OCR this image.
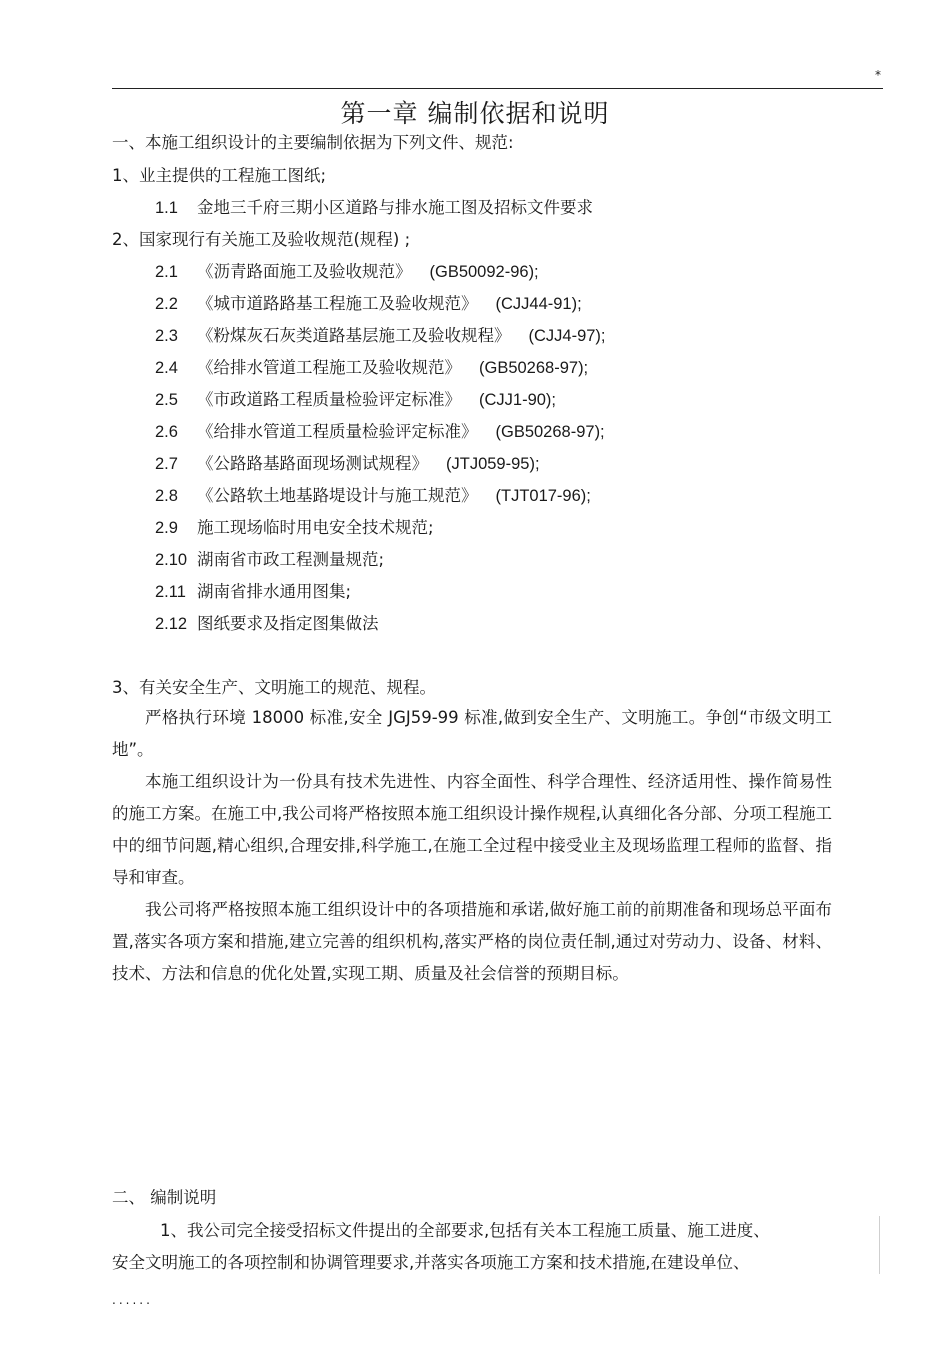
*
第一章 编制依据和说明
一、本施工组织设计的主要编制依据为下列文件、规范:
1、业主提供的工程施工图纸;
1.1 金地三千府三期小区道路与排水施工图及招标文件要求
2、国家现行有关施工及验收规范(规程) ;
2.1 《沥青路面施工及验收规范》 (GB50092-96);
2.2 《城市道路路基工程施工及验收规范》 (CJJ44-91);
2.3 《粉煤灰石灰类道路基层施工及验收规程》 (CJJ4-97);
2.4 《给排水管道工程施工及验收规范》 (GB50268-97);
2.5 《市政道路工程质量检验评定标准》 (CJJ1-90);
2.6 《给排水管道工程质量检验评定标准》 (GB50268-97);
2.7 《公路路基路面现场测试规程》 (JTJ059-95);
2.8 《公路软土地基路堤设计与施工规范》 (TJT017-96);
2.9 施工现场临时用电安全技术规范;
2.10 湖南省市政工程测量规范;
2.11 湖南省排水通用图集;
2.12 图纸要求及指定图集做法
3、有关安全生产、文明施工的规范、规程。

严格执行环境 18000 标准,安全 JGJ59-99 标准,做到安全生产、文明施工。争创“市级文明工地”。

本施工组织设计为一份具有技术先进性、内容全面性、科学合理性、经济适用性、操作简易性的施工方案。在施工中,我公司将严格按照本施工组织设计操作规程,认真细化各分部、分项工程施工中的细节问题,精心组织,合理安排,科学施工,在施工全过程中接受业主及现场监理工程师的监督、指导和审查。

我公司将严格按照本施工组织设计中的各项措施和承诺,做好施工前的前期准备和现场总平面布置,落实各项方案和措施,建立完善的组织机构,落实严格的岗位责任制,通过对劳动力、设备、材料、技术、方法和信息的优化处置,实现工期、质量及社会信誉的预期目标。

二、 编制说明
1、我公司完全接受招标文件提出的全部要求,包括有关本工程施工质量、施工进度、
安全文明施工的各项控制和协调管理要求,并落实各项施工方案和技术措施,在建设单位、
......
